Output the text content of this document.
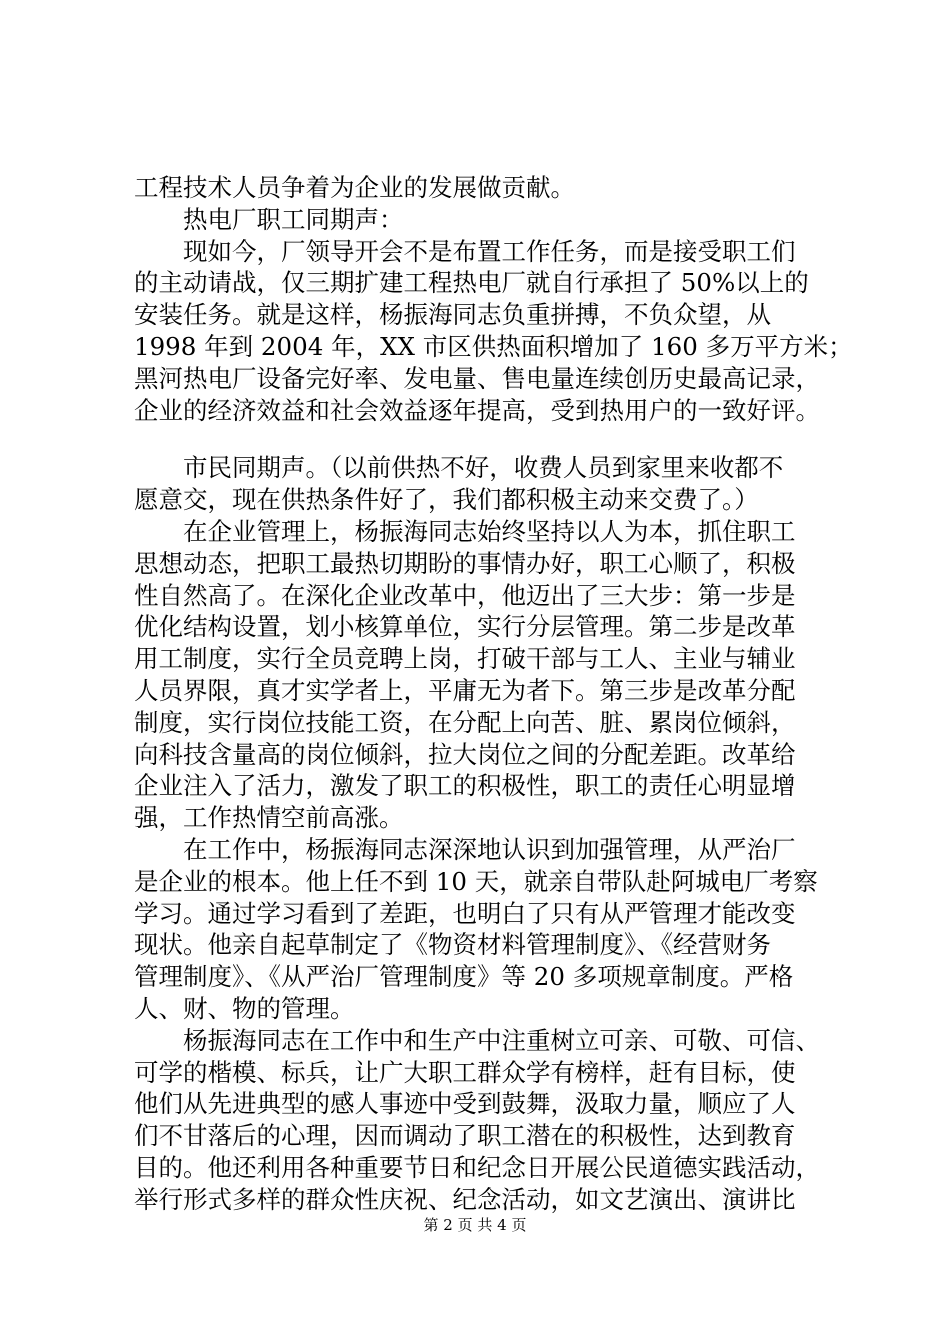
工程技术人员争着为企业的发展做贡献。
热电厂职工同期声：
现如今，厂领导开会不是布置工作任务，而是接受职工们
的主动请战，仅三期扩建工程热电厂就自行承担了 50%以上的
安装任务。就是这样，杨振海同志负重拼搏，不负众望，从
1998 年到 2004 年，XX 市区供热面积增加了 160 多万平方米；
黑河热电厂设备完好率、发电量、售电量连续创历史最高记录，
企业的经济效益和社会效益逐年提高，受到热用户的一致好评。
市民同期声。（以前供热不好，收费人员到家里来收都不
愿意交，现在供热条件好了，我们都积极主动来交费了。）
在企业管理上，杨振海同志始终坚持以人为本，抓住职工
思想动态，把职工最热切期盼的事情办好，职工心顺了，积极
性自然高了。在深化企业改革中，他迈出了三大步：第一步是
优化结构设置，划小核算单位，实行分层管理。第二步是改革
用工制度，实行全员竞聘上岗，打破干部与工人、主业与辅业
人员界限，真才实学者上，平庸无为者下。第三步是改革分配
制度，实行岗位技能工资，在分配上向苦、脏、累岗位倾斜，
向科技含量高的岗位倾斜，拉大岗位之间的分配差距。改革给
企业注入了活力，激发了职工的积极性，职工的责任心明显增
强，工作热情空前高涨。
在工作中，杨振海同志深深地认识到加强管理，从严治厂
是企业的根本。他上任不到 10 天，就亲自带队赴阿城电厂考察
学习。通过学习看到了差距，也明白了只有从严管理才能改变
现状。他亲自起草制定了《物资材料管理制度》、《经营财务
管理制度》、《从严治厂管理制度》等 20 多项规章制度。严格
人、财、物的管理。
杨振海同志在工作中和生产中注重树立可亲、可敬、可信、
可学的楷模、标兵，让广大职工群众学有榜样，赶有目标，使
他们从先进典型的感人事迹中受到鼓舞，汲取力量，顺应了人
们不甘落后的心理，因而调动了职工潜在的积极性，达到教育
目的。他还利用各种重要节日和纪念日开展公民道德实践活动，
举行形式多样的群众性庆祝、纪念活动，如文艺演出、演讲比
第 2 页 共 4 页
